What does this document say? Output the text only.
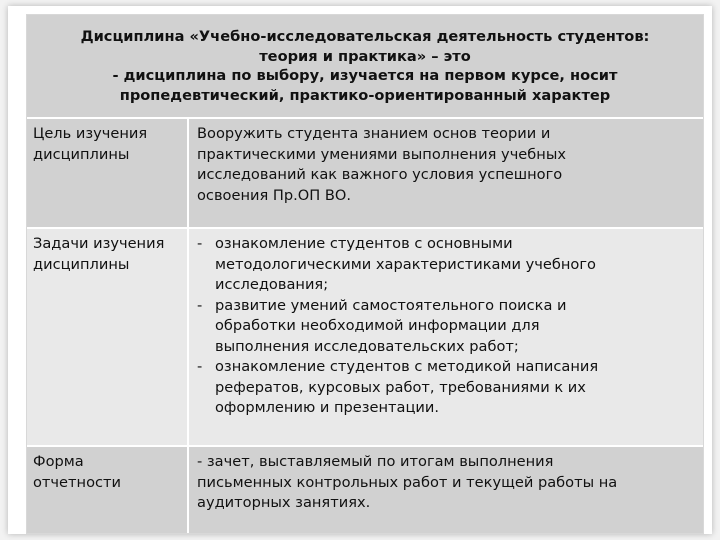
Дисциплина «Учебно-исследовательская деятельность студентов:
теория и практика» – это
- дисциплина по выбору, изучается на первом курсе, носит
пропедевтический, практико-ориентированный характер
Цель изучения
дисциплины
Вооружить студента знанием основ теории и
практическими умениями выполнения учебных
исследований как важного условия успешного
освоения Пр.ОП ВО.
Задачи изучения
дисциплины
- ознакомление студентов с основными
методологическими характеристиками учебного
исследования;
- развитие умений самостоятельного поиска и
обработки необходимой информации для
выполнения исследовательских работ;
- ознакомление студентов с методикой написания
рефератов, курсовых работ, требованиями к их
оформлению и презентации.
Форма
отчетности
- зачет, выставляемый по итогам выполнения
письменных контрольных работ и текущей работы на
аудиторных занятиях.
